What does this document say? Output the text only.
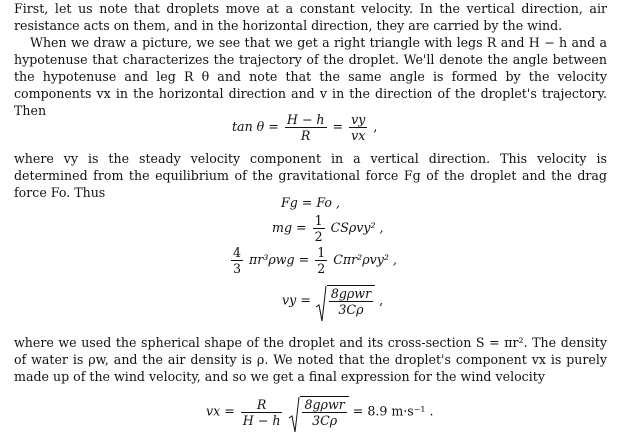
First, let us note that droplets move at a constant velocity. In the vertical direction, air resistance acts on them, and in the horizontal direction, they are carried by the wind.

When we draw a picture, we see that we get a right triangle with legs R and H − h and a hypotenuse that characterizes the trajectory of the droplet. We'll denote the angle between the hypotenuse and leg R θ and note that the same angle is formed by the velocity components vx in the horizontal direction and v in the direction of the droplet's trajectory. Then

$\tan \theta = \frac{H - h}{R} = \frac{vy}{vx}$ ,

where vy is the steady velocity component in a vertical direction. This velocity is determined from the equilibrium of the gravitational force Fg of the droplet and the drag force Fo. Thus

Fg = Fo ,
mg = $\frac{1}{2} CS\rho vy^2$ ,
$\frac{4}{3} \pi r^3\rho wg = \frac{1}{2} C\pi r^2\rho vy^2$ ,
vy = $\frac{\text{8gρwr}}{3C\rho}$ ,

where we used the spherical shape of the droplet and its cross-section S = πr². The density of water is ρw, and the air density is ρ. We noted that the droplet's component vx is purely made up of the wind velocity, and so we get a final expression for the wind velocity

vx = $\frac{R}{H - h}$
$\frac{\text{8gρwr}}{3C\rho} = 8.9$ m·s⁻¹ .
